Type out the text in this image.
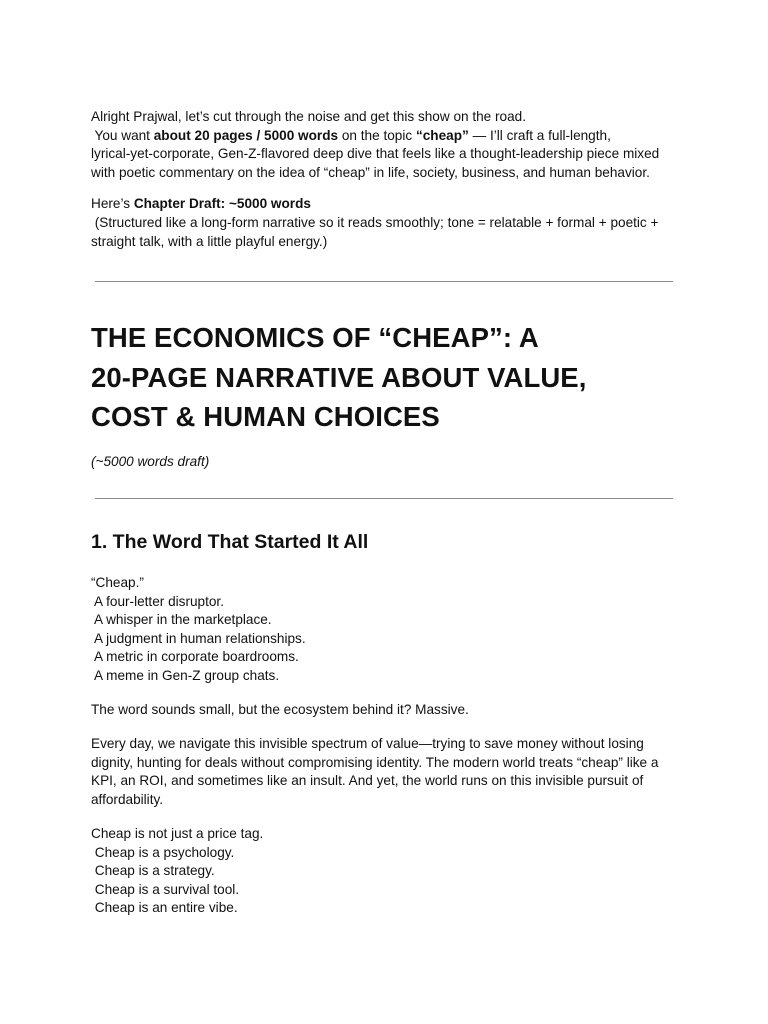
Alright Prajwal, let’s cut through the noise and get this show on the road.
You want about 20 pages / 5000 words on the topic “cheap” — I’ll craft a full-length,
lyrical-yet-corporate, Gen-Z-flavored deep dive that feels like a thought-leadership piece mixed
with poetic commentary on the idea of “cheap” in life, society, business, and human behavior.

Here’s Chapter Draft: ~5000 words
(Structured like a long-form narrative so it reads smoothly; tone = relatable + formal + poetic +
straight talk, with a little playful energy.)

THE ECONOMICS OF “CHEAP”: A
20-PAGE NARRATIVE ABOUT VALUE,
COST & HUMAN CHOICES

(~5000 words draft)

1. The Word That Started It All

“Cheap.”
A four-letter disruptor.
A whisper in the marketplace.
A judgment in human relationships.
A metric in corporate boardrooms.
A meme in Gen-Z group chats.

The word sounds small, but the ecosystem behind it? Massive.

Every day, we navigate this invisible spectrum of value—trying to save money without losing
dignity, hunting for deals without compromising identity. The modern world treats “cheap” like a
KPI, an ROI, and sometimes like an insult. And yet, the world runs on this invisible pursuit of
affordability.

Cheap is not just a price tag.
Cheap is a psychology.
Cheap is a strategy.
Cheap is a survival tool.
Cheap is an entire vibe.
